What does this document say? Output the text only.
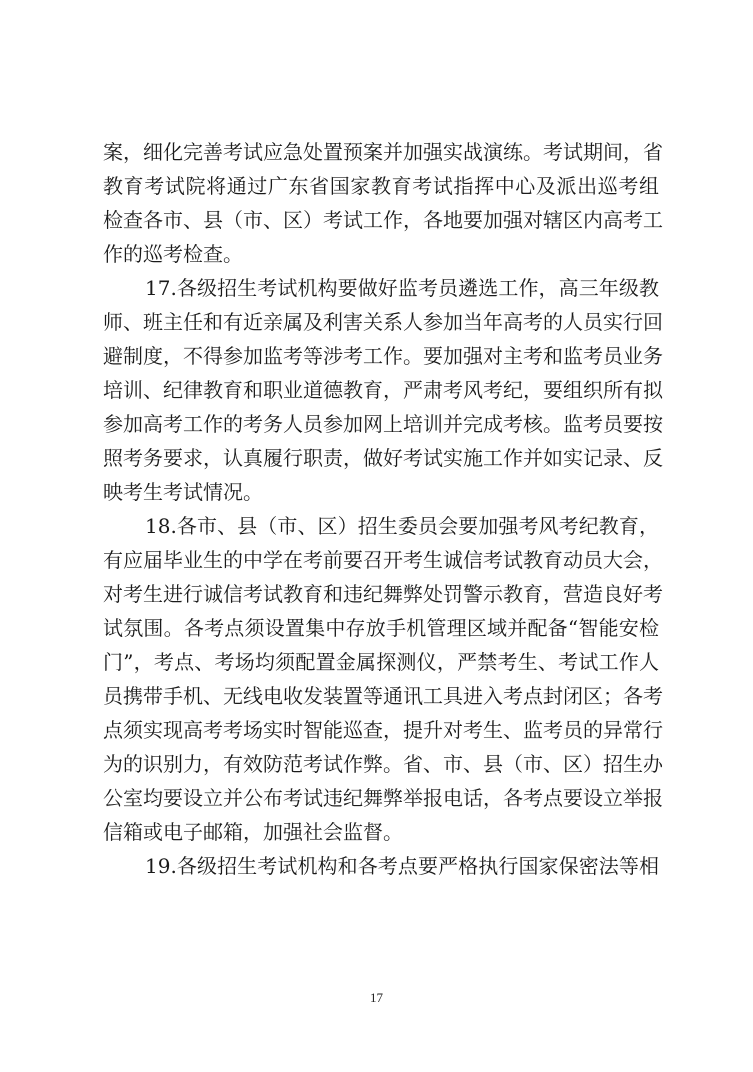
案，细化完善考试应急处置预案并加强实战演练。考试期间，省
教育考试院将通过广东省国家教育考试指挥中心及派出巡考组
检查各市、县（市、区）考试工作，各地要加强对辖区内高考工
作的巡考检查。
17.各级招生考试机构要做好监考员遴选工作，高三年级教
师、班主任和有近亲属及利害关系人参加当年高考的人员实行回
避制度，不得参加监考等涉考工作。要加强对主考和监考员业务
培训、纪律教育和职业道德教育，严肃考风考纪，要组织所有拟
参加高考工作的考务人员参加网上培训并完成考核。监考员要按
照考务要求，认真履行职责，做好考试实施工作并如实记录、反
映考生考试情况。
18.各市、县（市、区）招生委员会要加强考风考纪教育，
有应届毕业生的中学在考前要召开考生诚信考试教育动员大会，
对考生进行诚信考试教育和违纪舞弊处罚警示教育，营造良好考
试氛围。各考点须设置集中存放手机管理区域并配备“智能安检
门”，考点、考场均须配置金属探测仪，严禁考生、考试工作人
员携带手机、无线电收发装置等通讯工具进入考点封闭区；各考
点须实现高考考场实时智能巡查，提升对考生、监考员的异常行
为的识别力，有效防范考试作弊。省、市、县（市、区）招生办
公室均要设立并公布考试违纪舞弊举报电话，各考点要设立举报
信箱或电子邮箱，加强社会监督。
19.各级招生考试机构和各考点要严格执行国家保密法等相
17
